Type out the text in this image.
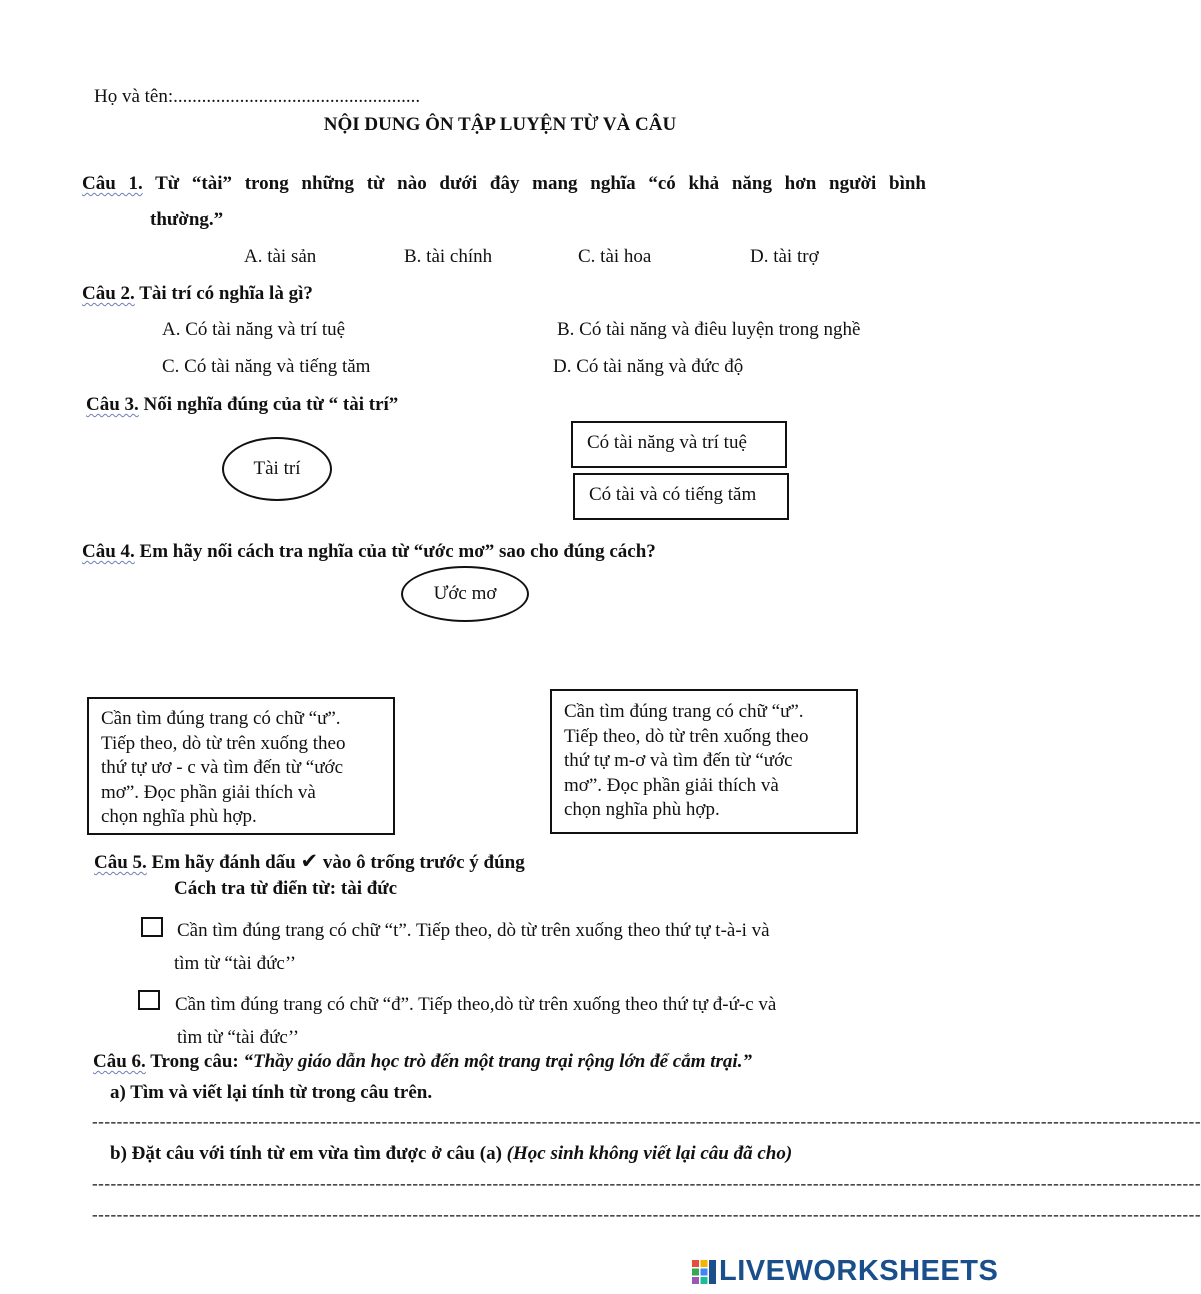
Họ và tên:....................................................
NỘI DUNG ÔN TẬP LUYỆN TỪ VÀ CÂU
Câu 1. Từ “tài” trong những từ nào dưới đây mang nghĩa “có khả năng hơn người bình
thường.”
A. tài sản	B. tài chính	C. tài hoa	D. tài trợ
Câu 2. Tài trí có nghĩa là gì?
A. Có tài năng và trí tuệ	B. Có tài năng và điêu luyện trong nghề
C. Có tài năng và tiếng tăm	D. Có tài năng và đức độ
Câu 3. Nối nghĩa đúng của từ “ tài trí”
Tài trí
Có tài năng và trí tuệ
Có tài và có tiếng tăm
Câu 4. Em hãy nối cách tra nghĩa của từ “ước mơ” sao cho đúng cách?
Ước mơ
Cần tìm đúng trang có chữ “ư”.
Tiếp theo, dò từ trên xuống theo
thứ tự ươ - c và tìm đến từ “ước
mơ”. Đọc phần giải thích và
chọn nghĩa phù hợp.
Cần tìm đúng trang có chữ “ư”.
Tiếp theo, dò từ trên xuống theo
thứ tự m-ơ và tìm đến từ “ước
mơ”. Đọc phần giải thích và
chọn nghĩa phù hợp.
Câu 5. Em hãy đánh dấu ✔ vào ô trống trước ý đúng
Cách tra từ điển từ: tài đức
Cần tìm đúng trang có chữ “t”. Tiếp theo, dò từ trên xuống theo thứ tự t-à-i và
tìm từ “tài đức’’
Cần tìm đúng trang có chữ “đ”. Tiếp theo,dò từ trên xuống theo thứ tự đ-ứ-c và
tìm từ “tài đức’’
Câu 6. Trong câu: “Thầy giáo dẫn học trò đến một trang trại rộng lớn để cắm trại.”
a) Tìm và viết lại tính từ trong câu trên.
------------------------------------------------------------------------------------------------------------------------------------------------------------------------------------
b) Đặt câu với tính từ em vừa tìm được ở câu (a) (Học sinh không viết lại câu đã cho)
------------------------------------------------------------------------------------------------------------------------------------------------------------------------------------
------------------------------------------------------------------------------------------------------------------------------------------------------------------------------------
LIVEWORKSHEETS
